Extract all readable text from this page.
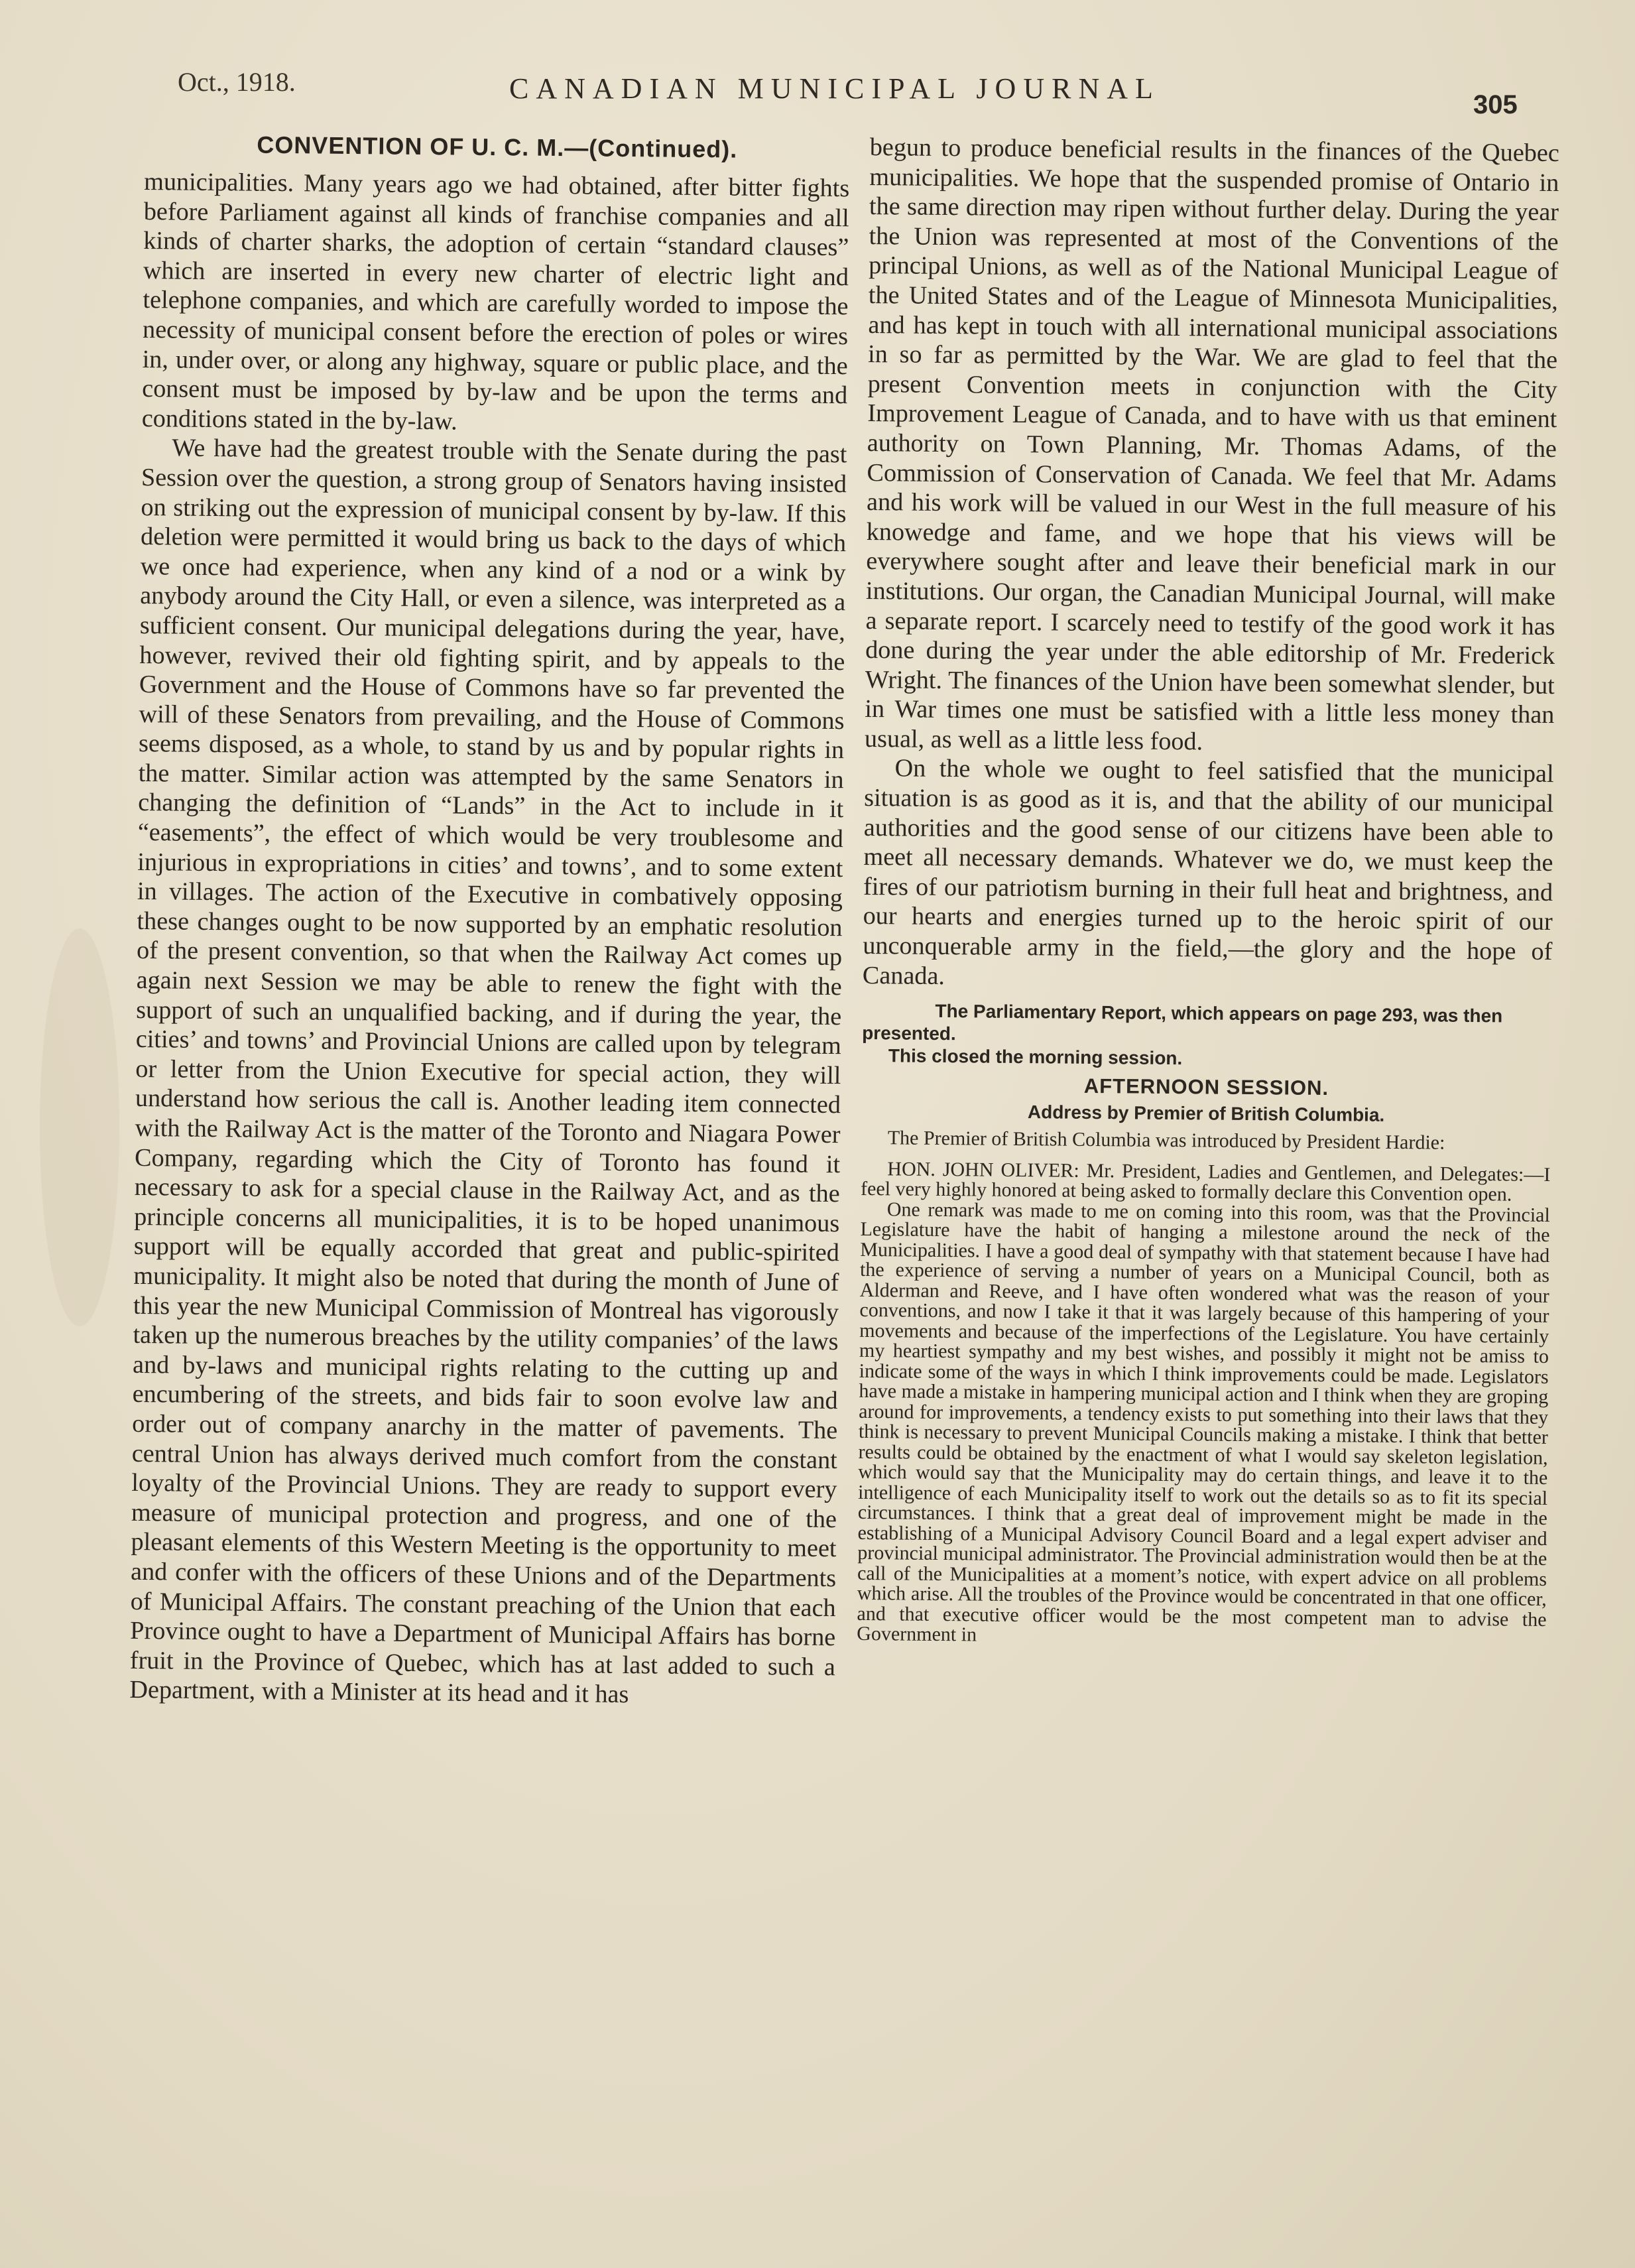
Oct., 1918.	CANADIAN MUNICIPAL JOURNAL	305
CONVENTION OF U. C. M.—(Continued).

municipalities. Many years ago we had obtained, after bitter fights before Parliament against all kinds of franchise companies and all kinds of charter sharks, the adoption of certain “standard clauses” which are inserted in every new charter of electric light and telephone companies, and which are carefully worded to impose the necessity of municipal consent before the erection of poles or wires in, under over, or along any highway, square or public place, and the consent must be imposed by by-law and be upon the terms and conditions stated in the by-law.

We have had the greatest trouble with the Senate during the past Session over the question, a strong group of Senators having insisted on striking out the expression of municipal consent by by-law. If this deletion were permitted it would bring us back to the days of which we once had experience, when any kind of a nod or a wink by anybody around the City Hall, or even a silence, was interpreted as a sufficient consent. Our municipal delegations during the year, have, however, revived their old fighting spirit, and by appeals to the Government and the House of Commons have so far prevented the will of these Senators from prevailing, and the House of Commons seems disposed, as a whole, to stand by us and by popular rights in the matter. Similar action was attempted by the same Senators in changing the definition of “Lands” in the Act to include in it “easements”, the effect of which would be very troublesome and injurious in expropriations in cities’ and towns’, and to some extent in villages. The action of the Executive in combatively opposing these changes ought to be now supported by an emphatic resolution of the present convention, so that when the Railway Act comes up again next Session we may be able to renew the fight with the support of such an unqualified backing, and if during the year, the cities’ and towns’ and Provincial Unions are called upon by telegram or letter from the Union Executive for special action, they will understand how serious the call is. Another leading item connected with the Railway Act is the matter of the Toronto and Niagara Power Company, regarding which the City of Toronto has found it necessary to ask for a special clause in the Railway Act, and as the principle concerns all municipalities, it is to be hoped unanimous support will be equally accorded that great and public-spirited municipality. It might also be noted that during the month of June of this year the new Municipal Commission of Montreal has vigorously taken up the numerous breaches by the utility companies’ of the laws and by-laws and municipal rights relating to the cutting up and encumbering of the streets, and bids fair to soon evolve law and order out of company anarchy in the matter of pavements. The central Union has always derived much comfort from the constant loyalty of the Provincial Unions. They are ready to support every measure of municipal protection and progress, and one of the pleasant elements of this Western Meeting is the opportunity to meet and confer with the officers of these Unions and of the Departments of Municipal Affairs. The constant preaching of the Union that each Province ought to have a Department of Municipal Affairs has borne fruit in the Province of Quebec, which has at last added to such a Department, with a Minister at its head and it has

begun to produce beneficial results in the finances of the Quebec municipalities. We hope that the suspended promise of Ontario in the same direction may ripen without further delay. During the year the Union was represented at most of the Conventions of the principal Unions, as well as of the National Municipal League of the United States and of the League of Minnesota Municipalities, and has kept in touch with all international municipal associations in so far as permitted by the War. We are glad to feel that the present Convention meets in conjunction with the City Improvement League of Canada, and to have with us that eminent authority on Town Planning, Mr. Thomas Adams, of the Commission of Conservation of Canada. We feel that Mr. Adams and his work will be valued in our West in the full measure of his knowedge and fame, and we hope that his views will be everywhere sought after and leave their beneficial mark in our institutions. Our organ, the Canadian Municipal Journal, will make a separate report. I scarcely need to testify of the good work it has done during the year under the able editorship of Mr. Frederick Wright. The finances of the Union have been somewhat slender, but in War times one must be satisfied with a little less money than usual, as well as a little less food.

On the whole we ought to feel satisfied that the municipal situation is as good as it is, and that the ability of our municipal authorities and the good sense of our citizens have been able to meet all necessary demands. Whatever we do, we must keep the fires of our patriotism burning in their full heat and brightness, and our hearts and energies turned up to the heroic spirit of our unconquerable army in the field,—the glory and the hope of Canada.

The Parliamentary Report, which appears on page 293, was then presented.

This closed the morning session.

AFTERNOON SESSION.
Address by Premier of British Columbia.

The Premier of British Columbia was introduced by President Hardie:

HON. JOHN OLIVER: Mr. President, Ladies and Gentlemen, and Delegates:—I feel very highly honored at being asked to formally declare this Convention open.

One remark was made to me on coming into this room, was that the Provincial Legislature have the habit of hanging a milestone around the neck of the Municipalities. I have a good deal of sympathy with that statement because I have had the experience of serving a number of years on a Municipal Council, both as Alderman and Reeve, and I have often wondered what was the reason of your conventions, and now I take it that it was largely because of this hampering of your movements and because of the imperfections of the Legislature. You have certainly my heartiest sympathy and my best wishes, and possibly it might not be amiss to indicate some of the ways in which I think improvements could be made. Legislators have made a mistake in hampering municipal action and I think when they are groping around for improvements, a tendency exists to put something into their laws that they think is necessary to prevent Municipal Councils making a mistake. I think that better results could be obtained by the enactment of what I would say skeleton legislation, which would say that the Municipality may do certain things, and leave it to the intelligence of each Municipality itself to work out the details so as to fit its special circumstances. I think that a great deal of improvement might be made in the establishing of a Municipal Advisory Council Board and a legal expert adviser and provincial municipal administrator. The Provincial administration would then be at the call of the Municipalities at a moment’s notice, with expert advice on all problems which arise. All the troubles of the Province would be concentrated in that one officer, and that executive officer would be the most competent man to advise the Government in
